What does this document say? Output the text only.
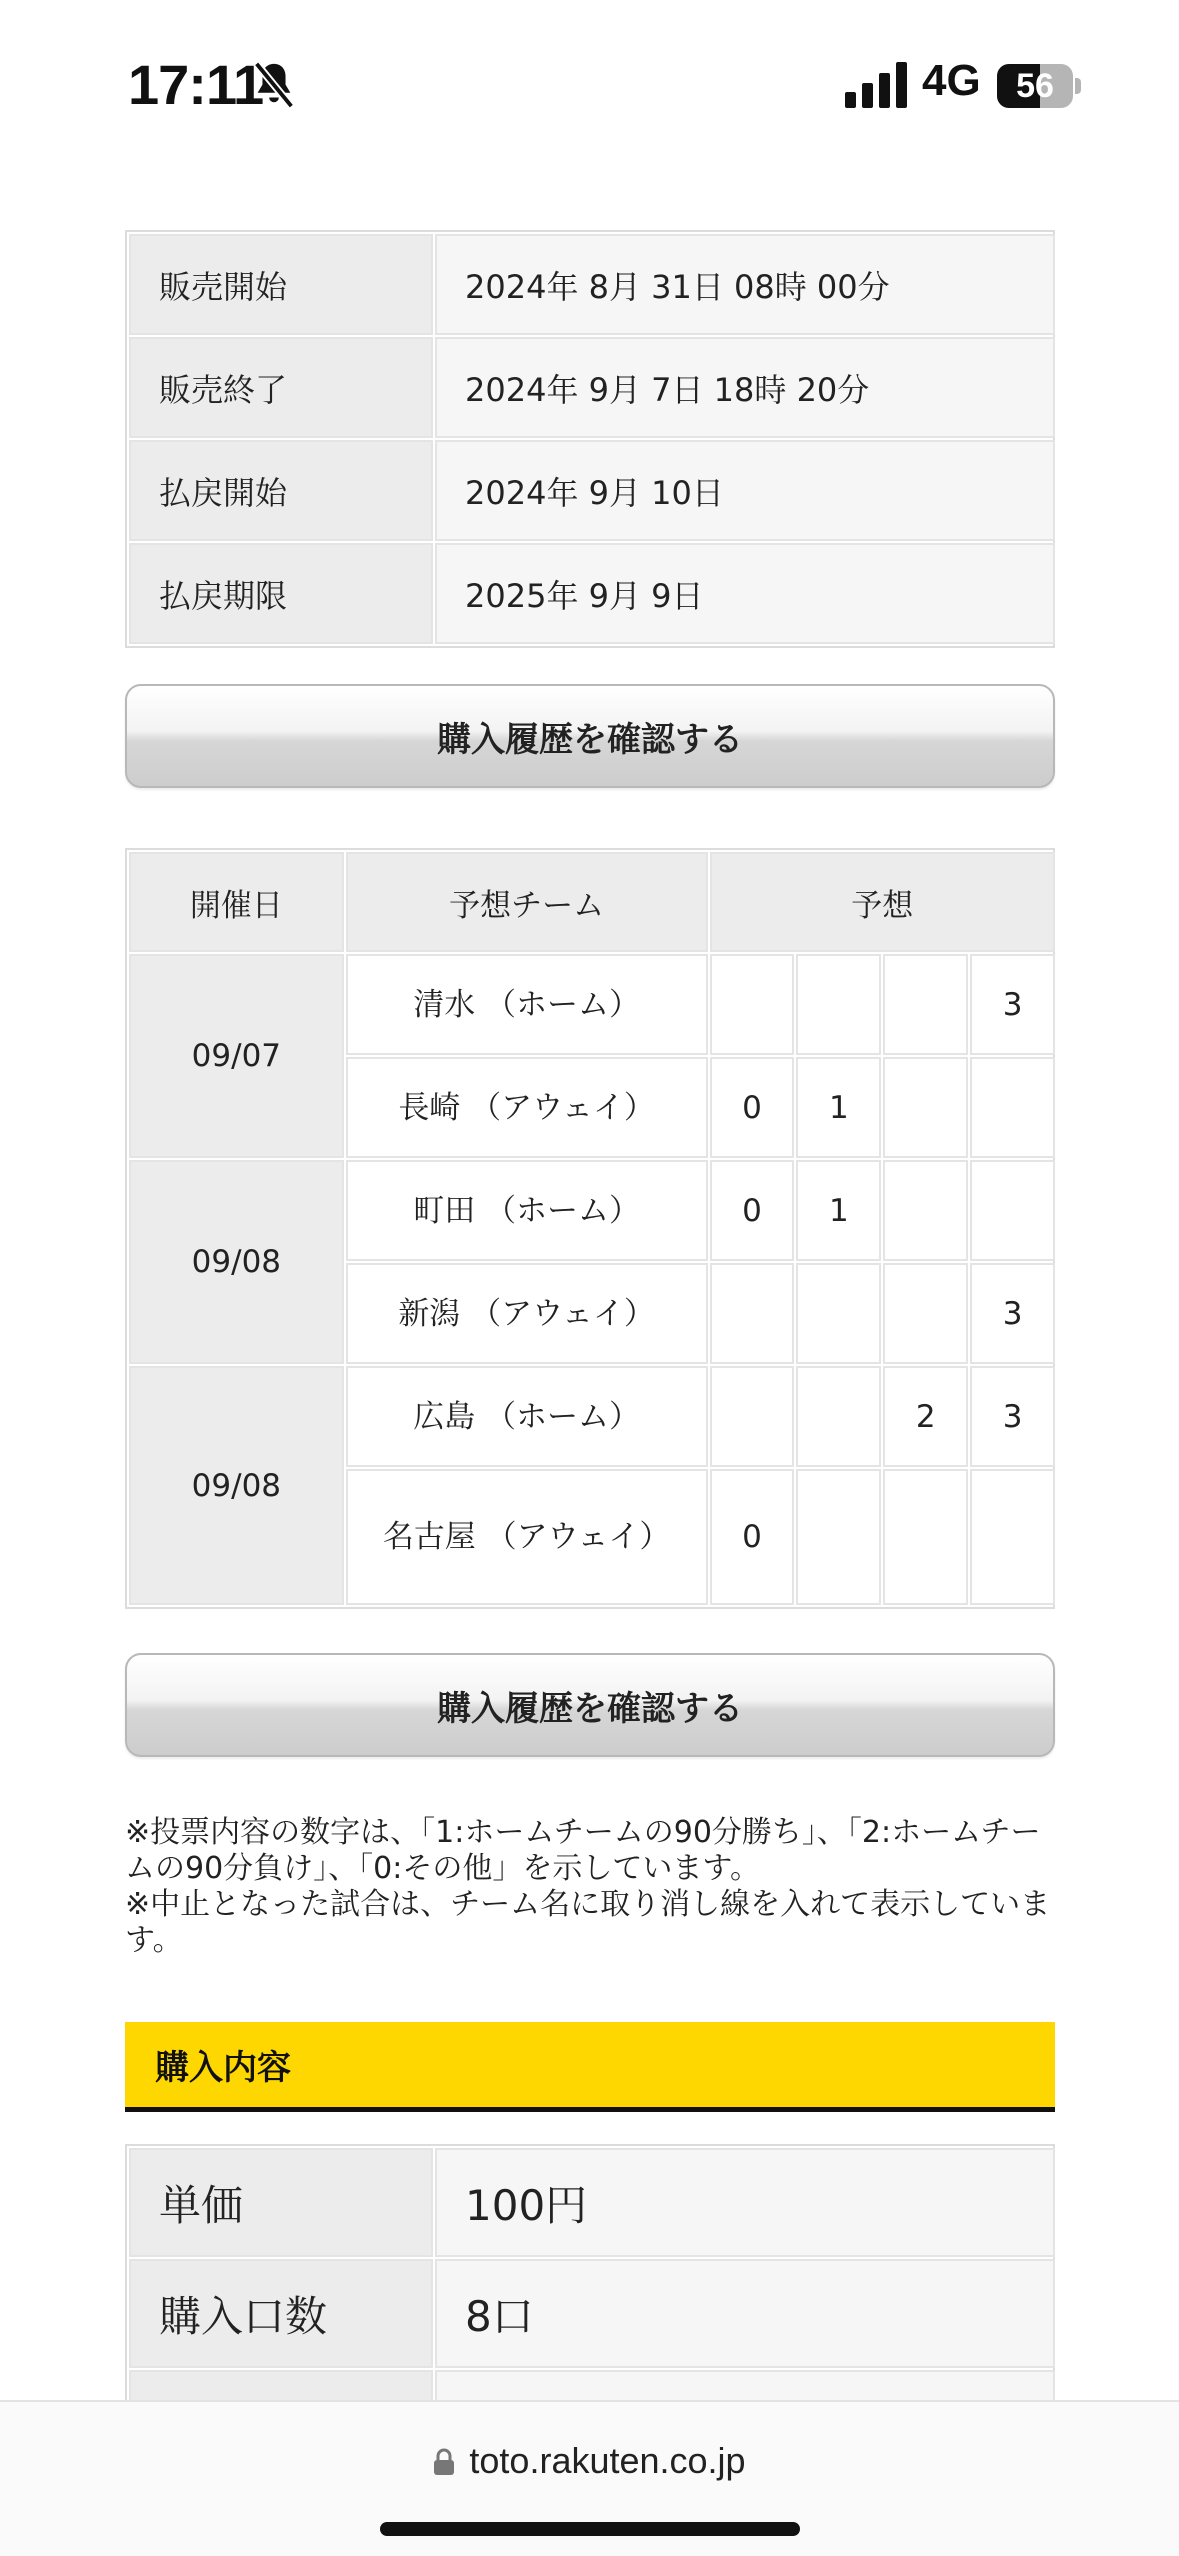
17:11	4G	56
販売開始	2024年 8月 31日 08時 00分
販売終了	2024年 9月 7日 18時 20分
払戻開始	2024年 9月 10日
払戻期限	2025年 9月 9日
購入履歴を確認する
開催日	予想チーム	予想			
09/07	清水 （ホーム）				3
	長崎 （アウェイ）	0	1		
09/08	町田 （ホーム）	0	1		
	新潟 （アウェイ）				3
09/08	広島 （ホーム）			2	3
	名古屋 （アウェイ）	0			
購入履歴を確認する

※投票内容の数字は、「1:ホームチームの90分勝ち」、「2:ホームチームの90分負け」、「0:その他」を示しています。

※中止となった試合は、チーム名に取り消し線を入れて表示しています。

購入内容
単価	100円
購入口数	8口

toto.rakuten.co.jp
